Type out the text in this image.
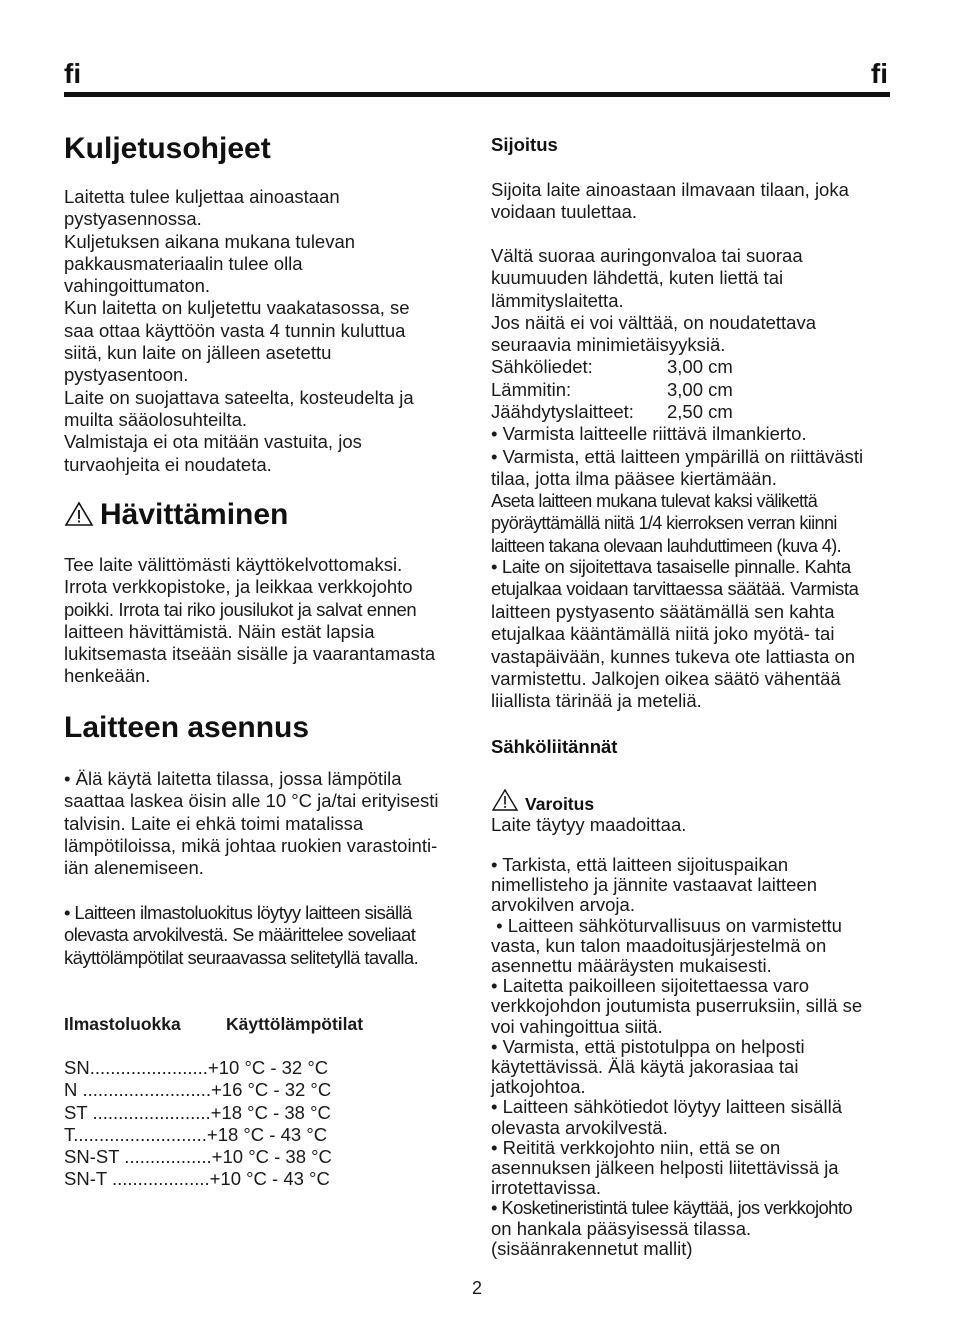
fi	fi
Kuljetusohjeet
Laitetta tulee kuljettaa ainoastaan
pystyasennossa.
Kuljetuksen aikana mukana tulevan
pakkausmateriaalin tulee olla
vahingoittumaton.
Kun laitetta on kuljetettu vaakatasossa, se
saa ottaa käyttöön vasta 4 tunnin kuluttua
siitä, kun laite on jälleen asetettu
pystyasentoon.
Laite on suojattava sateelta, kosteudelta ja
muilta sääolosuhteilta.
Valmistaja ei ota mitään vastuita, jos
turvaohjeita ei noudateta.
Hävittäminen
Tee laite välittömästi käyttökelvottomaksi.
Irrota verkkopistoke, ja leikkaa verkkojohto
poikki. Irrota tai riko jousilukot ja salvat ennen
laitteen hävittämistä. Näin estät lapsia
lukitsemasta itseään sisälle ja vaarantamasta
henkeään.
Laitteen asennus
• Älä käytä laitetta tilassa, jossa lämpötila
saattaa laskea öisin alle 10 °C ja/tai erityisesti
talvisin. Laite ei ehkä toimi matalissa
lämpötiloissa, mikä johtaa ruokien varastointi-
iän alenemiseen.
• Laitteen ilmastoluokitus löytyy laitteen sisällä
olevasta arvokilvestä. Se määrittelee soveliaat
käyttölämpötilat seuraavassa selitetyllä tavalla.
Ilmastoluokka	Käyttölämpötilat
SN.......................+10 °C - 32 °C
N .........................+16 °C - 32 °C
ST .......................+18 °C - 38 °C
T..........................+18 °C - 43 °C
SN-ST .................+10 °C - 38 °C
SN-T ...................+10 °C - 43 °C
Sijoitus
Sijoita laite ainoastaan ilmavaan tilaan, joka
voidaan tuulettaa.
Vältä suoraa auringonvaloa tai suoraa
kuumuuden lähdettä, kuten liettä tai
lämmityslaitetta.
Jos näitä ei voi välttää, on noudatettava
seuraavia minimietäisyyksiä.
Sähköliedet:	3,00 cm
Lämmitin:	3,00 cm
Jäähdytyslaitteet: 2,50 cm
• Varmista laitteelle riittävä ilmankierto.
• Varmista, että laitteen ympärillä on riittävästi
tilaa, jotta ilma pääsee kiertämään.
Aseta laitteen mukana tulevat kaksi välikettä
pyöräyttämällä niitä 1/4 kierroksen verran kiinni
laitteen takana olevaan lauhduttimeen (kuva 4).
• Laite on sijoitettava tasaiselle pinnalle. Kahta
etujalkaa voidaan tarvittaessa säätää. Varmista
laitteen pystyasento säätämällä sen kahta
etujalkaa kääntämällä niitä joko myötä- tai
vastapäivään, kunnes tukeva ote lattiasta on
varmistettu. Jalkojen oikea säätö vähentää
liiallista tärinää ja meteliä.
Sähköliitännät
Varoitus
Laite täytyy maadoittaa.
• Tarkista, että laitteen sijoituspaikan
nimellisteho ja jännite vastaavat laitteen
arvokilven arvoja.
• Laitteen sähköturvallisuus on varmistettu
vasta, kun talon maadoitusjärjestelmä on
asennettu määräysten mukaisesti.
• Laitetta paikoilleen sijoitettaessa varo
verkkojohdon joutumista puserruksiin, sillä se
voi vahingoittua siitä.
• Varmista, että pistotulppa on helposti
käytettävissä. Älä käytä jakorasiaa tai
jatkojohtoa.
• Laitteen sähkötiedot löytyy laitteen sisällä
olevasta arvokilvestä.
• Reititä verkkojohto niin, että se on
asennuksen jälkeen helposti liitettävissä ja
irrotettavissa.
• Kosketineristintä tulee käyttää, jos verkkojohto
on hankala pääsyisessä tilassa.
(sisäänrakennetut mallit)
2
